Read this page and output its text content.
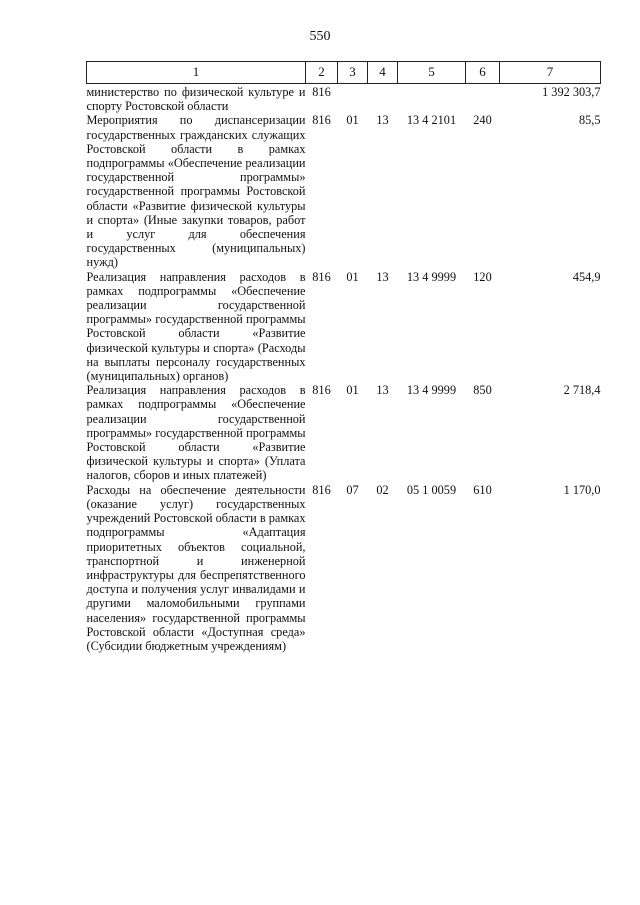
550
1	2	3	4	5	6	7
министерство по физической культуре и спорту Ростовской области	816					1 392 303,7
Мероприятия по диспансеризации государственных гражданских служащих Ростовской области в рамках подпрограммы «Обеспечение реализации государственной программы» государственной программы Ростовской области «Развитие физической культуры и спорта» (Иные закупки товаров, работ и услуг для обеспечения государственных (муниципальных) нужд)	816	01	13	13 4 2101	240	85,5
Реализация направления расходов в рамках подпрограммы «Обеспечение реализации государственной программы» государственной программы Ростовской области «Развитие физической культуры и спорта» (Расходы на выплаты персоналу государственных (муниципальных) органов)	816	01	13	13 4 9999	120	454,9
Реализация направления расходов в рамках подпрограммы «Обеспечение реализации государственной программы» государственной программы Ростовской области «Развитие физической культуры и спорта» (Уплата налогов, сборов и иных платежей)	816	01	13	13 4 9999	850	2 718,4
Расходы на обеспечение деятельности (оказание услуг) государственных учреждений Ростовской области в рамках подпрограммы «Адаптация приоритетных объектов социальной, транспортной и инженерной инфраструктуры для беспрепятственного доступа и получения услуг инвалидами и другими маломобильными группами населения» государственной программы Ростовской области «Доступная среда» (Субсидии бюджетным учреждениям)	816	07	02	05 1 0059	610	1 170,0
